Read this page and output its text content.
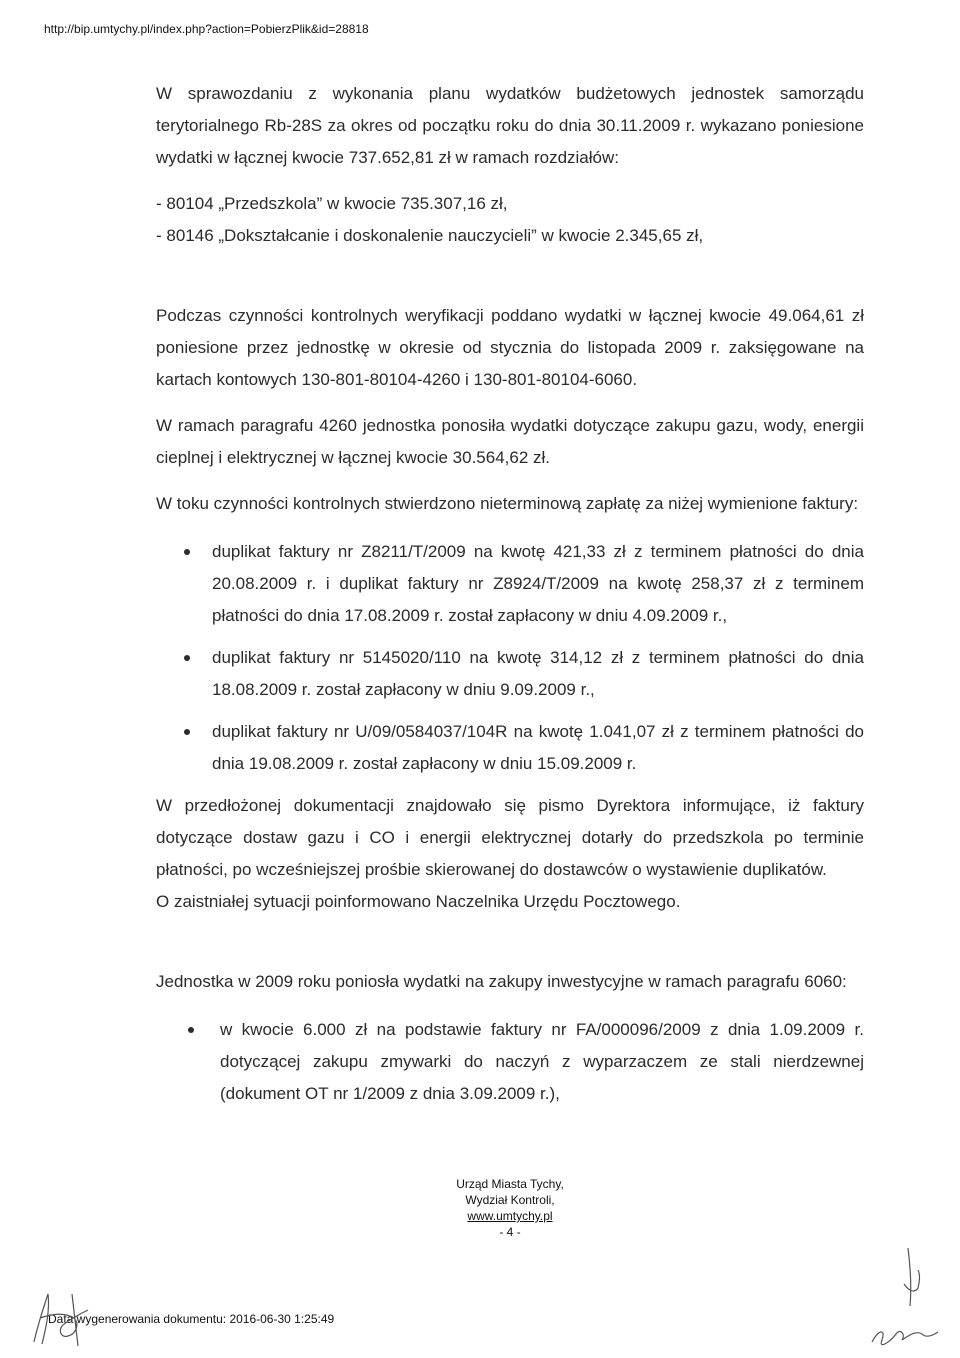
http://bip.umtychy.pl/index.php?action=PobierzPlik&id=28818

W sprawozdaniu z wykonania planu wydatków budżetowych jednostek samorządu terytorialnego Rb-28S za okres od początku roku do dnia 30.11.2009 r. wykazano poniesione wydatki w łącznej kwocie 737.652,81 zł w ramach rozdziałów:

- 80104 „Przedszkola” w kwocie 735.307,16 zł,

- 80146 „Dokształcanie i doskonalenie nauczycieli” w kwocie 2.345,65 zł,

Podczas czynności kontrolnych weryfikacji poddano wydatki w łącznej kwocie 49.064,61 zł poniesione przez jednostkę w okresie od stycznia do listopada 2009 r. zaksięgowane na kartach kontowych 130-801-80104-4260 i 130-801-80104-6060.

W ramach paragrafu 4260 jednostka ponosiła wydatki dotyczące zakupu gazu, wody, energii cieplnej i elektrycznej w łącznej kwocie 30.564,62 zł.

W toku czynności kontrolnych stwierdzono nieterminową zapłatę za niżej wymienione faktury:

duplikat faktury nr Z8211/T/2009 na kwotę 421,33 zł z terminem płatności do dnia 20.08.2009 r. i duplikat faktury nr Z8924/T/2009 na kwotę 258,37 zł z terminem płatności do dnia 17.08.2009 r. został zapłacony w dniu 4.09.2009 r.,
duplikat faktury nr 5145020/110 na kwotę 314,12 zł z terminem płatności do dnia 18.08.2009 r. został zapłacony w dniu 9.09.2009 r.,
duplikat faktury nr U/09/0584037/104R na kwotę 1.041,07 zł z terminem płatności do dnia 19.08.2009 r. został zapłacony w dniu 15.09.2009 r.

W przedłożonej dokumentacji znajdowało się pismo Dyrektora informujące, iż faktury dotyczące dostaw gazu i CO i energii elektrycznej dotarły do przedszkola po terminie płatności, po wcześniejszej prośbie skierowanej do dostawców o wystawienie duplikatów.

O zaistniałej sytuacji poinformowano Naczelnika Urzędu Pocztowego.

Jednostka w 2009 roku poniosła wydatki na zakupy inwestycyjne w ramach paragrafu 6060:

w kwocie 6.000 zł na podstawie faktury nr FA/000096/2009 z dnia 1.09.2009 r. dotyczącej zakupu zmywarki do naczyń z wyparzaczem ze stali nierdzewnej (dokument OT nr 1/2009 z dnia 3.09.2009 r.),
Urząd Miasta Tychy,
Wydział Kontroli,
www.umtychy.pl
- 4 -
Data wygenerowania dokumentu: 2016-06-30 1:25:49
